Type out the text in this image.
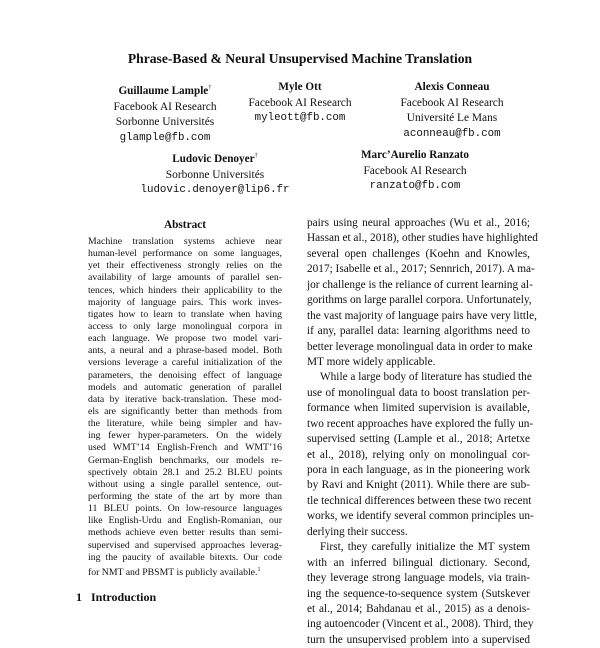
Phrase-Based & Neural Unsupervised Machine Translation
Guillaume Lample†
Facebook AI Research
Sorbonne Universités
glample@fb.com
Myle Ott
Facebook AI Research
myleott@fb.com
Alexis Conneau
Facebook AI Research
Université Le Mans
aconneau@fb.com
Ludovic Denoyer†
Sorbonne Universités
ludovic.denoyer@lip6.fr
Marc’Aurelio Ranzato
Facebook AI Research
ranzato@fb.com
Abstract
Machine translation systems achieve near
human-level performance on some languages,
yet their effectiveness strongly relies on the
availability of large amounts of parallel sen-
tences, which hinders their applicability to the
majority of language pairs. This work inves-
tigates how to learn to translate when having
access to only large monolingual corpora in
each language. We propose two model vari-
ants, a neural and a phrase-based model. Both
versions leverage a careful initialization of the
parameters, the denoising effect of language
models and automatic generation of parallel
data by iterative back-translation. These mod-
els are significantly better than methods from
the literature, while being simpler and hav-
ing fewer hyper-parameters. On the widely
used WMT’14 English-French and WMT’16
German-English benchmarks, our models re-
spectively obtain 28.1 and 25.2 BLEU points
without using a single parallel sentence, out-
performing the state of the art by more than
11 BLEU points. On low-resource languages
like English-Urdu and English-Romanian, our
methods achieve even better results than semi-
supervised and supervised approaches leverag-
ing the paucity of available bitexts. Our code
for NMT and PBSMT is publicly available.$^1$
pairs using neural approaches (Wu et al., 2016;
Hassan et al., 2018), other studies have highlighted
several open challenges (Koehn and Knowles,
2017; Isabelle et al., 2017; Sennrich, 2017). A ma-
jor challenge is the reliance of current learning al-
gorithms on large parallel corpora. Unfortunately,
the vast majority of language pairs have very little,
if any, parallel data: learning algorithms need to
better leverage monolingual data in order to make
MT more widely applicable.
While a large body of literature has studied the
use of monolingual data to boost translation per-
formance when limited supervision is available,
two recent approaches have explored the fully un-
supervised setting (Lample et al., 2018; Artetxe
et al., 2018), relying only on monolingual cor-
pora in each language, as in the pioneering work
by Ravi and Knight (2011). While there are sub-
tle technical differences between these two recent
works, we identify several common principles un-
derlying their success.
First, they carefully initialize the MT system
with an inferred bilingual dictionary. Second,
they leverage strong language models, via train-
ing the sequence-to-sequence system (Sutskever
et al., 2014; Bahdanau et al., 2015) as a denois-
ing autoencoder (Vincent et al., 2008). Third, they
turn the unsupervised problem into a supervised
1 Introduction
